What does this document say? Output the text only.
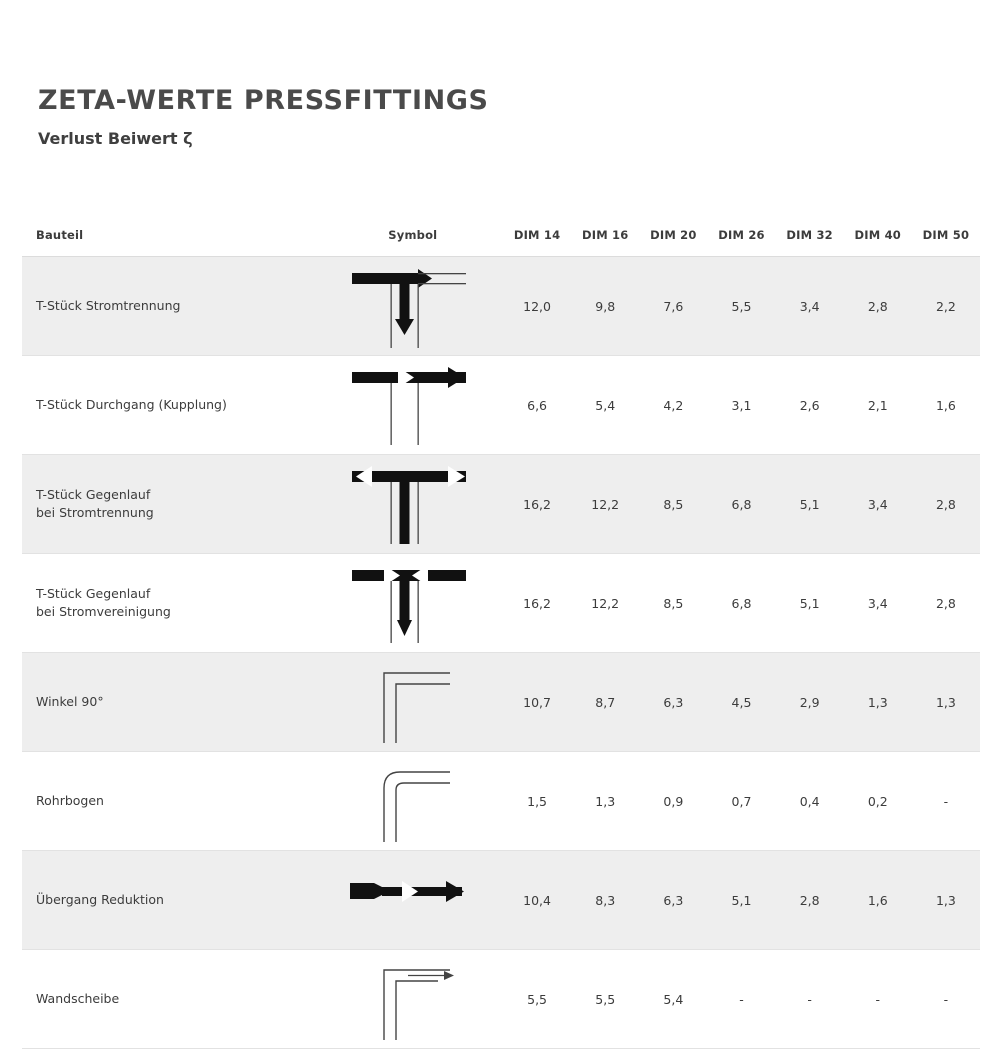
ZETA-WERTE PRESSFITTINGS
Verlust Beiwert ζ
Bauteil	Symbol	DIM 14	DIM 16	DIM 20	DIM 26	DIM 32	DIM 40	DIM 50
T-Stück Stromtrennung		12,0	9,8	7,6	5,5	3,4	2,8	2,2
T-Stück Durchgang (Kupplung)		6,6	5,4	4,2	3,1	2,6	2,1	1,6
T-Stück Gegenlauf
bei Stromtrennung		16,2	12,2	8,5	6,8	5,1	3,4	2,8
T-Stück Gegenlauf
bei Stromvereinigung		16,2	12,2	8,5	6,8	5,1	3,4	2,8
Winkel 90°		10,7	8,7	6,3	4,5	2,9	1,3	1,3
Rohrbogen		1,5	1,3	0,9	0,7	0,4	0,2	-
Übergang Reduktion		10,4	8,3	6,3	5,1	2,8	1,6	1,3
Wandscheibe		5,5	5,5	5,4	-	-	-	-
